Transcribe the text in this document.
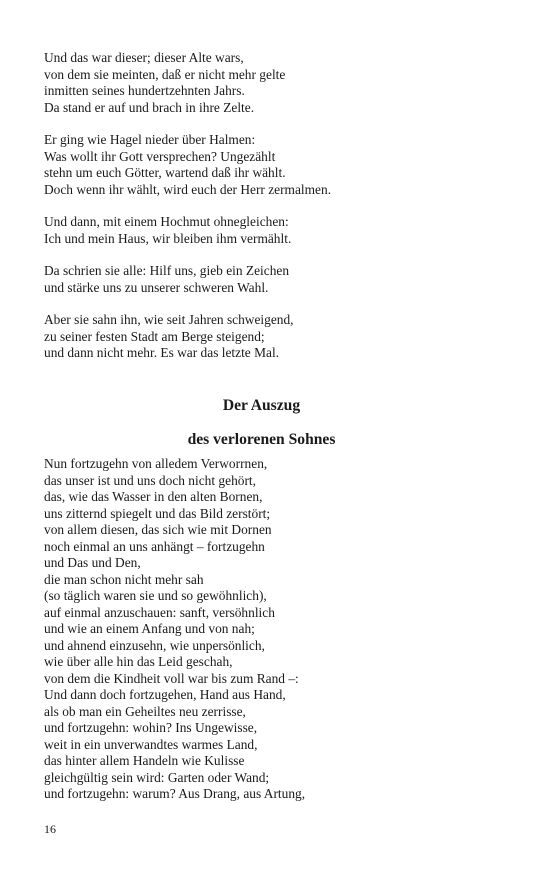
Und das war dieser; dieser Alte wars,
von dem sie meinten, daß er nicht mehr gelte
inmitten seines hundertzehnten Jahrs.
Da stand er auf und brach in ihre Zelte.
Er ging wie Hagel nieder über Halmen:
Was wollt ihr Gott versprechen? Ungezählt
stehn um euch Götter, wartend daß ihr wählt.
Doch wenn ihr wählt, wird euch der Herr zermalmen.
Und dann, mit einem Hochmut ohnegleichen:
Ich und mein Haus, wir bleiben ihm vermählt.
Da schrien sie alle: Hilf uns, gieb ein Zeichen
und stärke uns zu unserer schweren Wahl.
Aber sie sahn ihn, wie seit Jahren schweigend,
zu seiner festen Stadt am Berge steigend;
und dann nicht mehr. Es war das letzte Mal.
Der Auszug
des verlorenen Sohnes
Nun fortzugehn von alledem Verworrnen,
das unser ist und uns doch nicht gehört,
das, wie das Wasser in den alten Bornen,
uns zitternd spiegelt und das Bild zerstört;
von allem diesen, das sich wie mit Dornen
noch einmal an uns anhängt – fortzugehn
und Das und Den,
die man schon nicht mehr sah
(so täglich waren sie und so gewöhnlich),
auf einmal anzuschauen: sanft, versöhnlich
und wie an einem Anfang und von nah;
und ahnend einzusehn, wie unpersönlich,
wie über alle hin das Leid geschah,
von dem die Kindheit voll war bis zum Rand –:
Und dann doch fortzugehen, Hand aus Hand,
als ob man ein Geheiltes neu zerrisse,
und fortzugehn: wohin? Ins Ungewisse,
weit in ein unverwandtes warmes Land,
das hinter allem Handeln wie Kulisse
gleichgültig sein wird: Garten oder Wand;
und fortzugehn: warum? Aus Drang, aus Artung,
16
